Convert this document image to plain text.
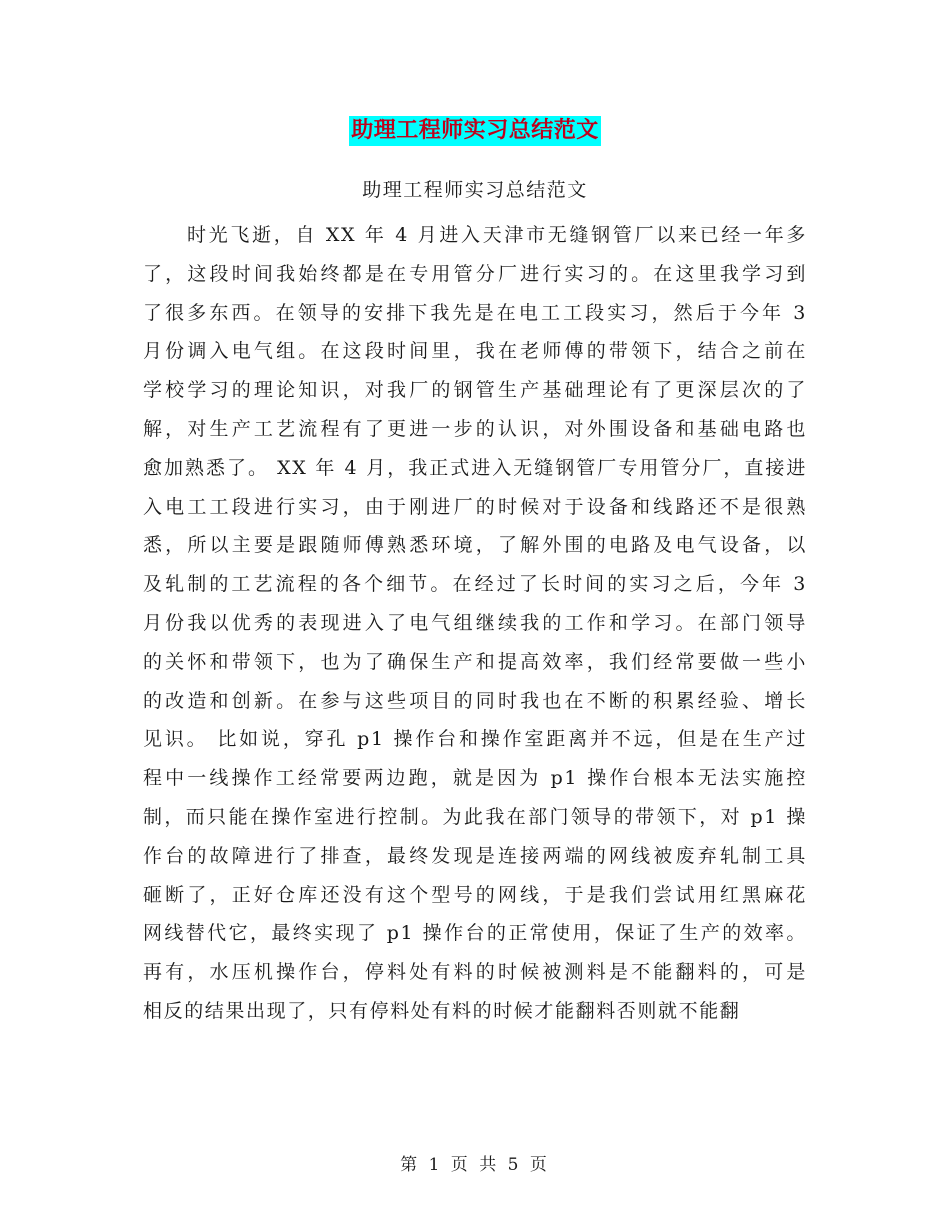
助理工程师实习总结范文
助理工程师实习总结范文
时光飞逝，自 XX 年 4 月进入天津市无缝钢管厂以来已经一年多
了，这段时间我始终都是在专用管分厂进行实习的。在这里我学习到
了很多东西。在领导的安排下我先是在电工工段实习，然后于今年 3
月份调入电气组。在这段时间里，我在老师傅的带领下，结合之前在
学校学习的理论知识，对我厂的钢管生产基础理论有了更深层次的了
解，对生产工艺流程有了更进一步的认识，对外围设备和基础电路也
愈加熟悉了。 XX 年 4 月，我正式进入无缝钢管厂专用管分厂，直接进
入电工工段进行实习，由于刚进厂的时候对于设备和线路还不是很熟
悉，所以主要是跟随师傅熟悉环境，了解外围的电路及电气设备，以
及轧制的工艺流程的各个细节。在经过了长时间的实习之后，今年 3
月份我以优秀的表现进入了电气组继续我的工作和学习。在部门领导
的关怀和带领下，也为了确保生产和提高效率，我们经常要做一些小
的改造和创新。在参与这些项目的同时我也在不断的积累经验、增长
见识。 比如说，穿孔 p1 操作台和操作室距离并不远，但是在生产过
程中一线操作工经常要两边跑，就是因为 p1 操作台根本无法实施控
制，而只能在操作室进行控制。为此我在部门领导的带领下，对 p1 操
作台的故障进行了排查，最终发现是连接两端的网线被废弃轧制工具
砸断了，正好仓库还没有这个型号的网线，于是我们尝试用红黑麻花
网线替代它，最终实现了 p1 操作台的正常使用，保证了生产的效率。
再有，水压机操作台，停料处有料的时候被测料是不能翻料的，可是
相反的结果出现了，只有停料处有料的时候才能翻料否则就不能翻
第 1 页 共 5 页
